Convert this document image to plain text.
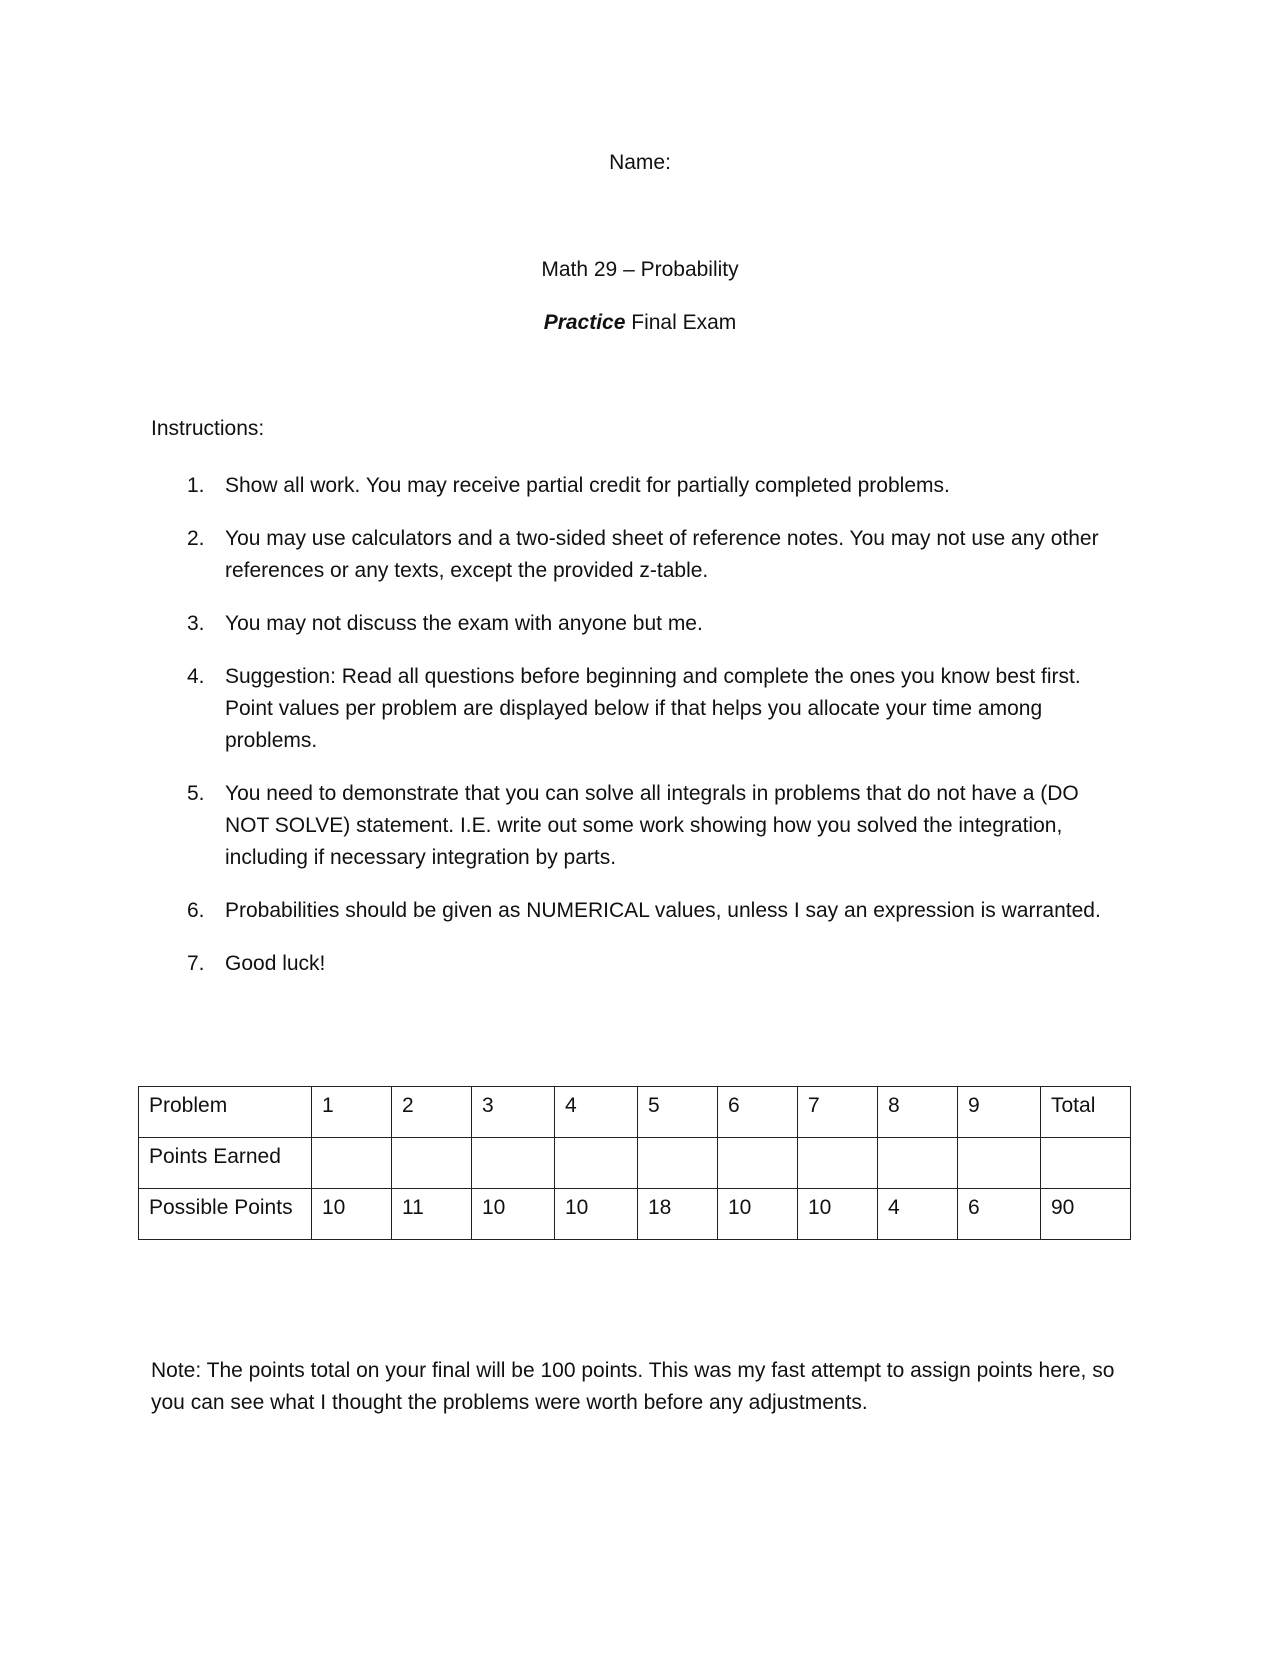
Name:
Math 29 – Probability
Practice Final Exam
Instructions:
1. Show all work. You may receive partial credit for partially completed problems.
2. You may use calculators and a two-sided sheet of reference notes. You may not use any other references or any texts, except the provided z-table.
3. You may not discuss the exam with anyone but me.
4. Suggestion: Read all questions before beginning and complete the ones you know best first. Point values per problem are displayed below if that helps you allocate your time among problems.
5. You need to demonstrate that you can solve all integrals in problems that do not have a (DO NOT SOLVE) statement. I.E. write out some work showing how you solved the integration, including if necessary integration by parts.
6. Probabilities should be given as NUMERICAL values, unless I say an expression is warranted.
7. Good luck!
Problem	1	2	3	4	5	6	7	8	9	Total
Points Earned										
Possible Points	10	11	10	10	18	10	10	4	6	90
Note: The points total on your final will be 100 points. This was my fast attempt to assign points here, so you can see what I thought the problems were worth before any adjustments.
